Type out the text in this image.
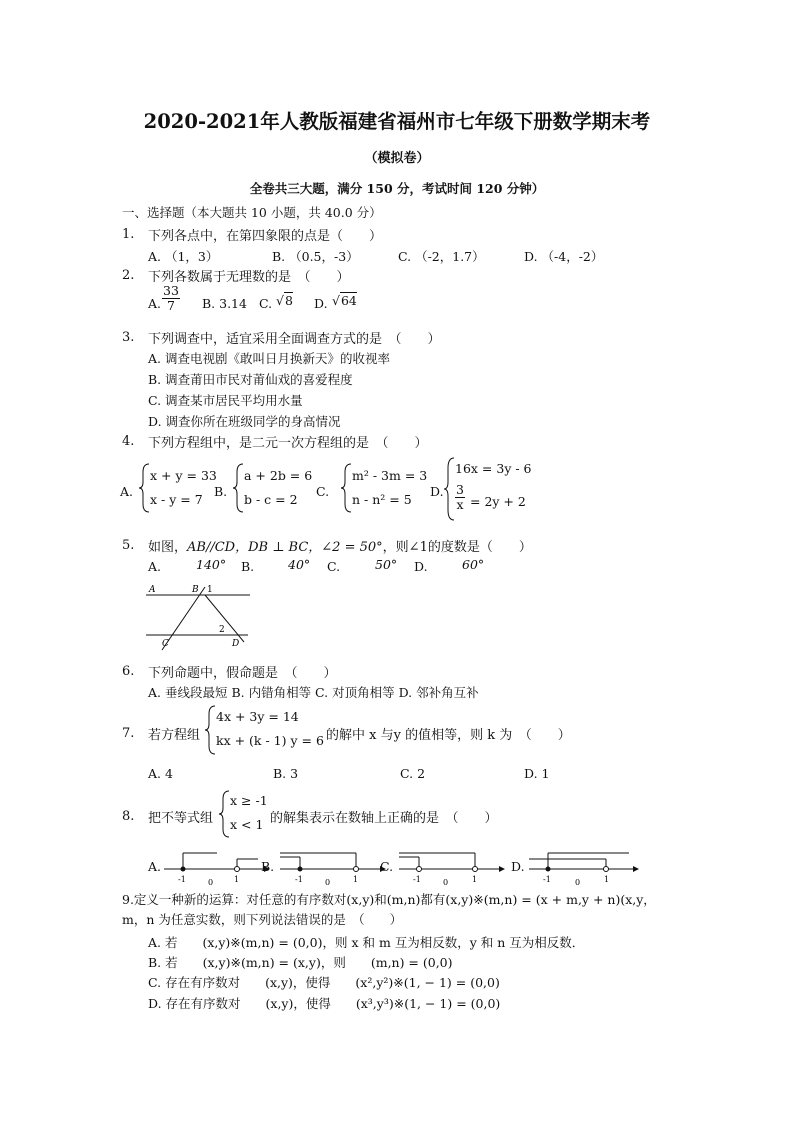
2020-2021年人教版福建省福州市七年级下册数学期末考
（模拟卷）
全卷共三大题，满分 150 分，考试时间 120 分钟）
一、选择题（本大题共 10 小题，共 40.0 分）
1. 下列各点中，在第四象限的点是（　　）
A. （1，3）	B. （0.5，-3）	C. （-2，1.7）	D. （-4，-2）
2. 下列各数属于无理数的是　（　　）
A. $\frac{33}{7} B$. 3.14 C. √8 D. √64
3. 下列调查中，适宜采用全面调查方式的是　（　　）
A. 调查电视剧《敢叫日月换新天》的收视率
B. 调查莆田市民对莆仙戏的喜爱程度
C. 调查某市居民平均用水量
D. 调查你所在班级同学的身高情况
4. 下列方程组中，是二元一次方程组的是　（　　）
A.
x + y = 33
x - y = 7
B.
a + 2b = 6
b - c = 2
C.
m² - 3m = 3
n - n² = 5
D.
16x = 3y - 6
$\frac{3}{x} = 2y + 2$
5. 如图，AB//CD，DB ⊥ BC，∠2 = 50°，则∠1的度数是（　　）
A.	140° B.	40° C.	50° D.	60°
A	B 1
2
C	D
6. 下列命题中，假命题是　（　　）
A. 垂线段最短 B. 内错角相等 C. 对顶角相等 D. 邻补角互补
7. 若方程组
4x + 3y = 14
kx + (k - 1) y = 6 的解中 x 与y 的值相等，则 k 为　（　　）
A. 4	B. 3	C. 2	D. 1
8. 把不等式组
x ≥ -1
x < 1 的解集表示在数轴上正确的是　（　　）
A.
-1	0	1
B.
-1	0	1
C.
-1	0	1
D.
-1	0	1
9.定义一种新的运算：对任意的有序数对(x,y)和(m,n)都有(x,y)※(m,n) = (x + m,y + n)(x,y，
m，n 为任意实数，则下列说法错误的是　（　　）
A. 若　　(x,y)※(m,n) = (0,0)，则 x 和 m 互为相反数，y 和 n 互为相反数．
B. 若　　(x,y)※(m,n) = (x,y)，则　　(m,n) = (0,0)
C. 存在有序数对　　(x,y)，使得　　(x²,y²)※(1, − 1) = (0,0)
D. 存在有序数对　　(x,y)，使得　　(x³,y³)※(1, − 1) = (0,0)
